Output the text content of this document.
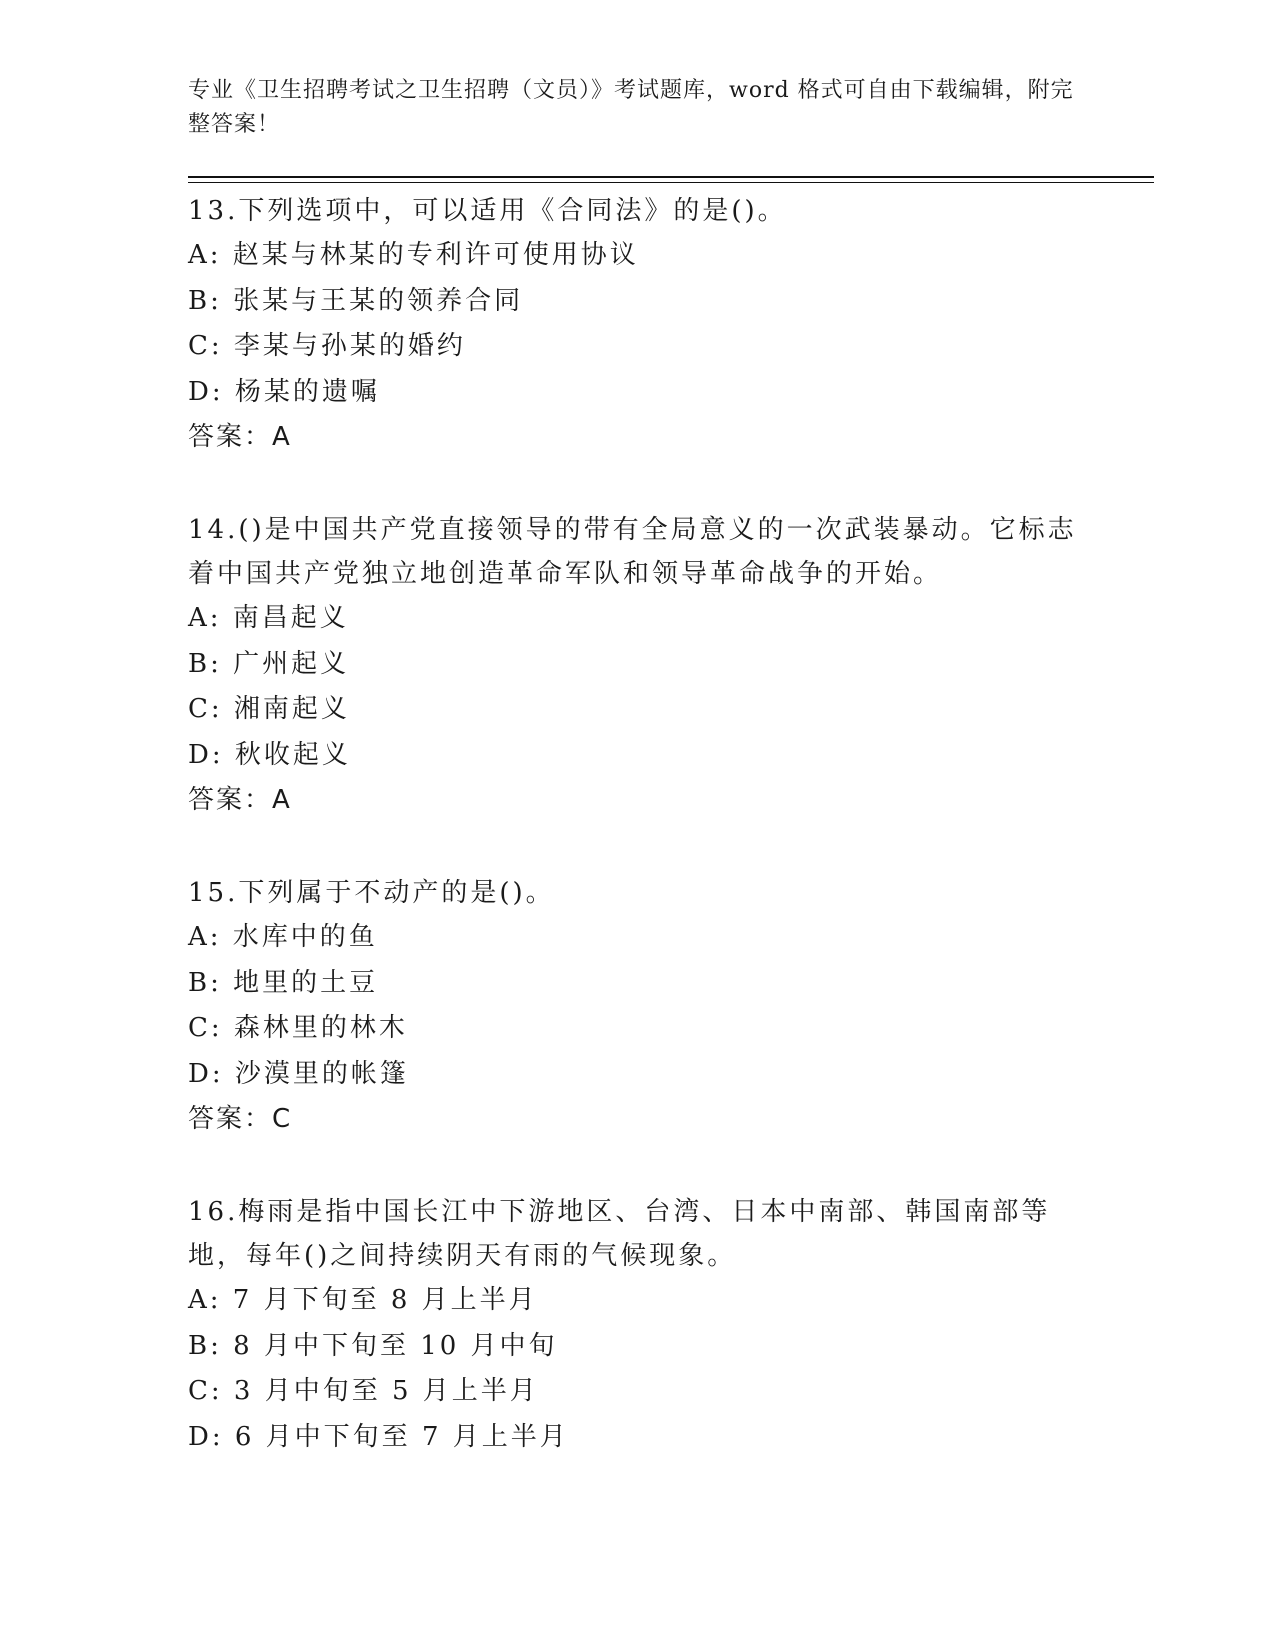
专业《卫生招聘考试之卫生招聘（文员）》考试题库，word 格式可自由下载编辑，附完整答案！

13.下列选项中，可以适用《合同法》的是()。

A: 赵某与林某的专利许可使用协议

B: 张某与王某的领养合同

C: 李某与孙某的婚约

D: 杨某的遗嘱

答案：A

14.()是中国共产党直接领导的带有全局意义的一次武装暴动。它标志着中国共产党独立地创造革命军队和领导革命战争的开始。

A: 南昌起义

B: 广州起义

C: 湘南起义

D: 秋收起义

答案：A

15.下列属于不动产的是()。

A: 水库中的鱼

B: 地里的土豆

C: 森林里的林木

D: 沙漠里的帐篷

答案：C

16.梅雨是指中国长江中下游地区、台湾、日本中南部、韩国南部等地，每年()之间持续阴天有雨的气候现象。

A: 7 月下旬至 8 月上半月

B: 8 月中下旬至 10 月中旬

C: 3 月中旬至 5 月上半月

D: 6 月中下旬至 7 月上半月
